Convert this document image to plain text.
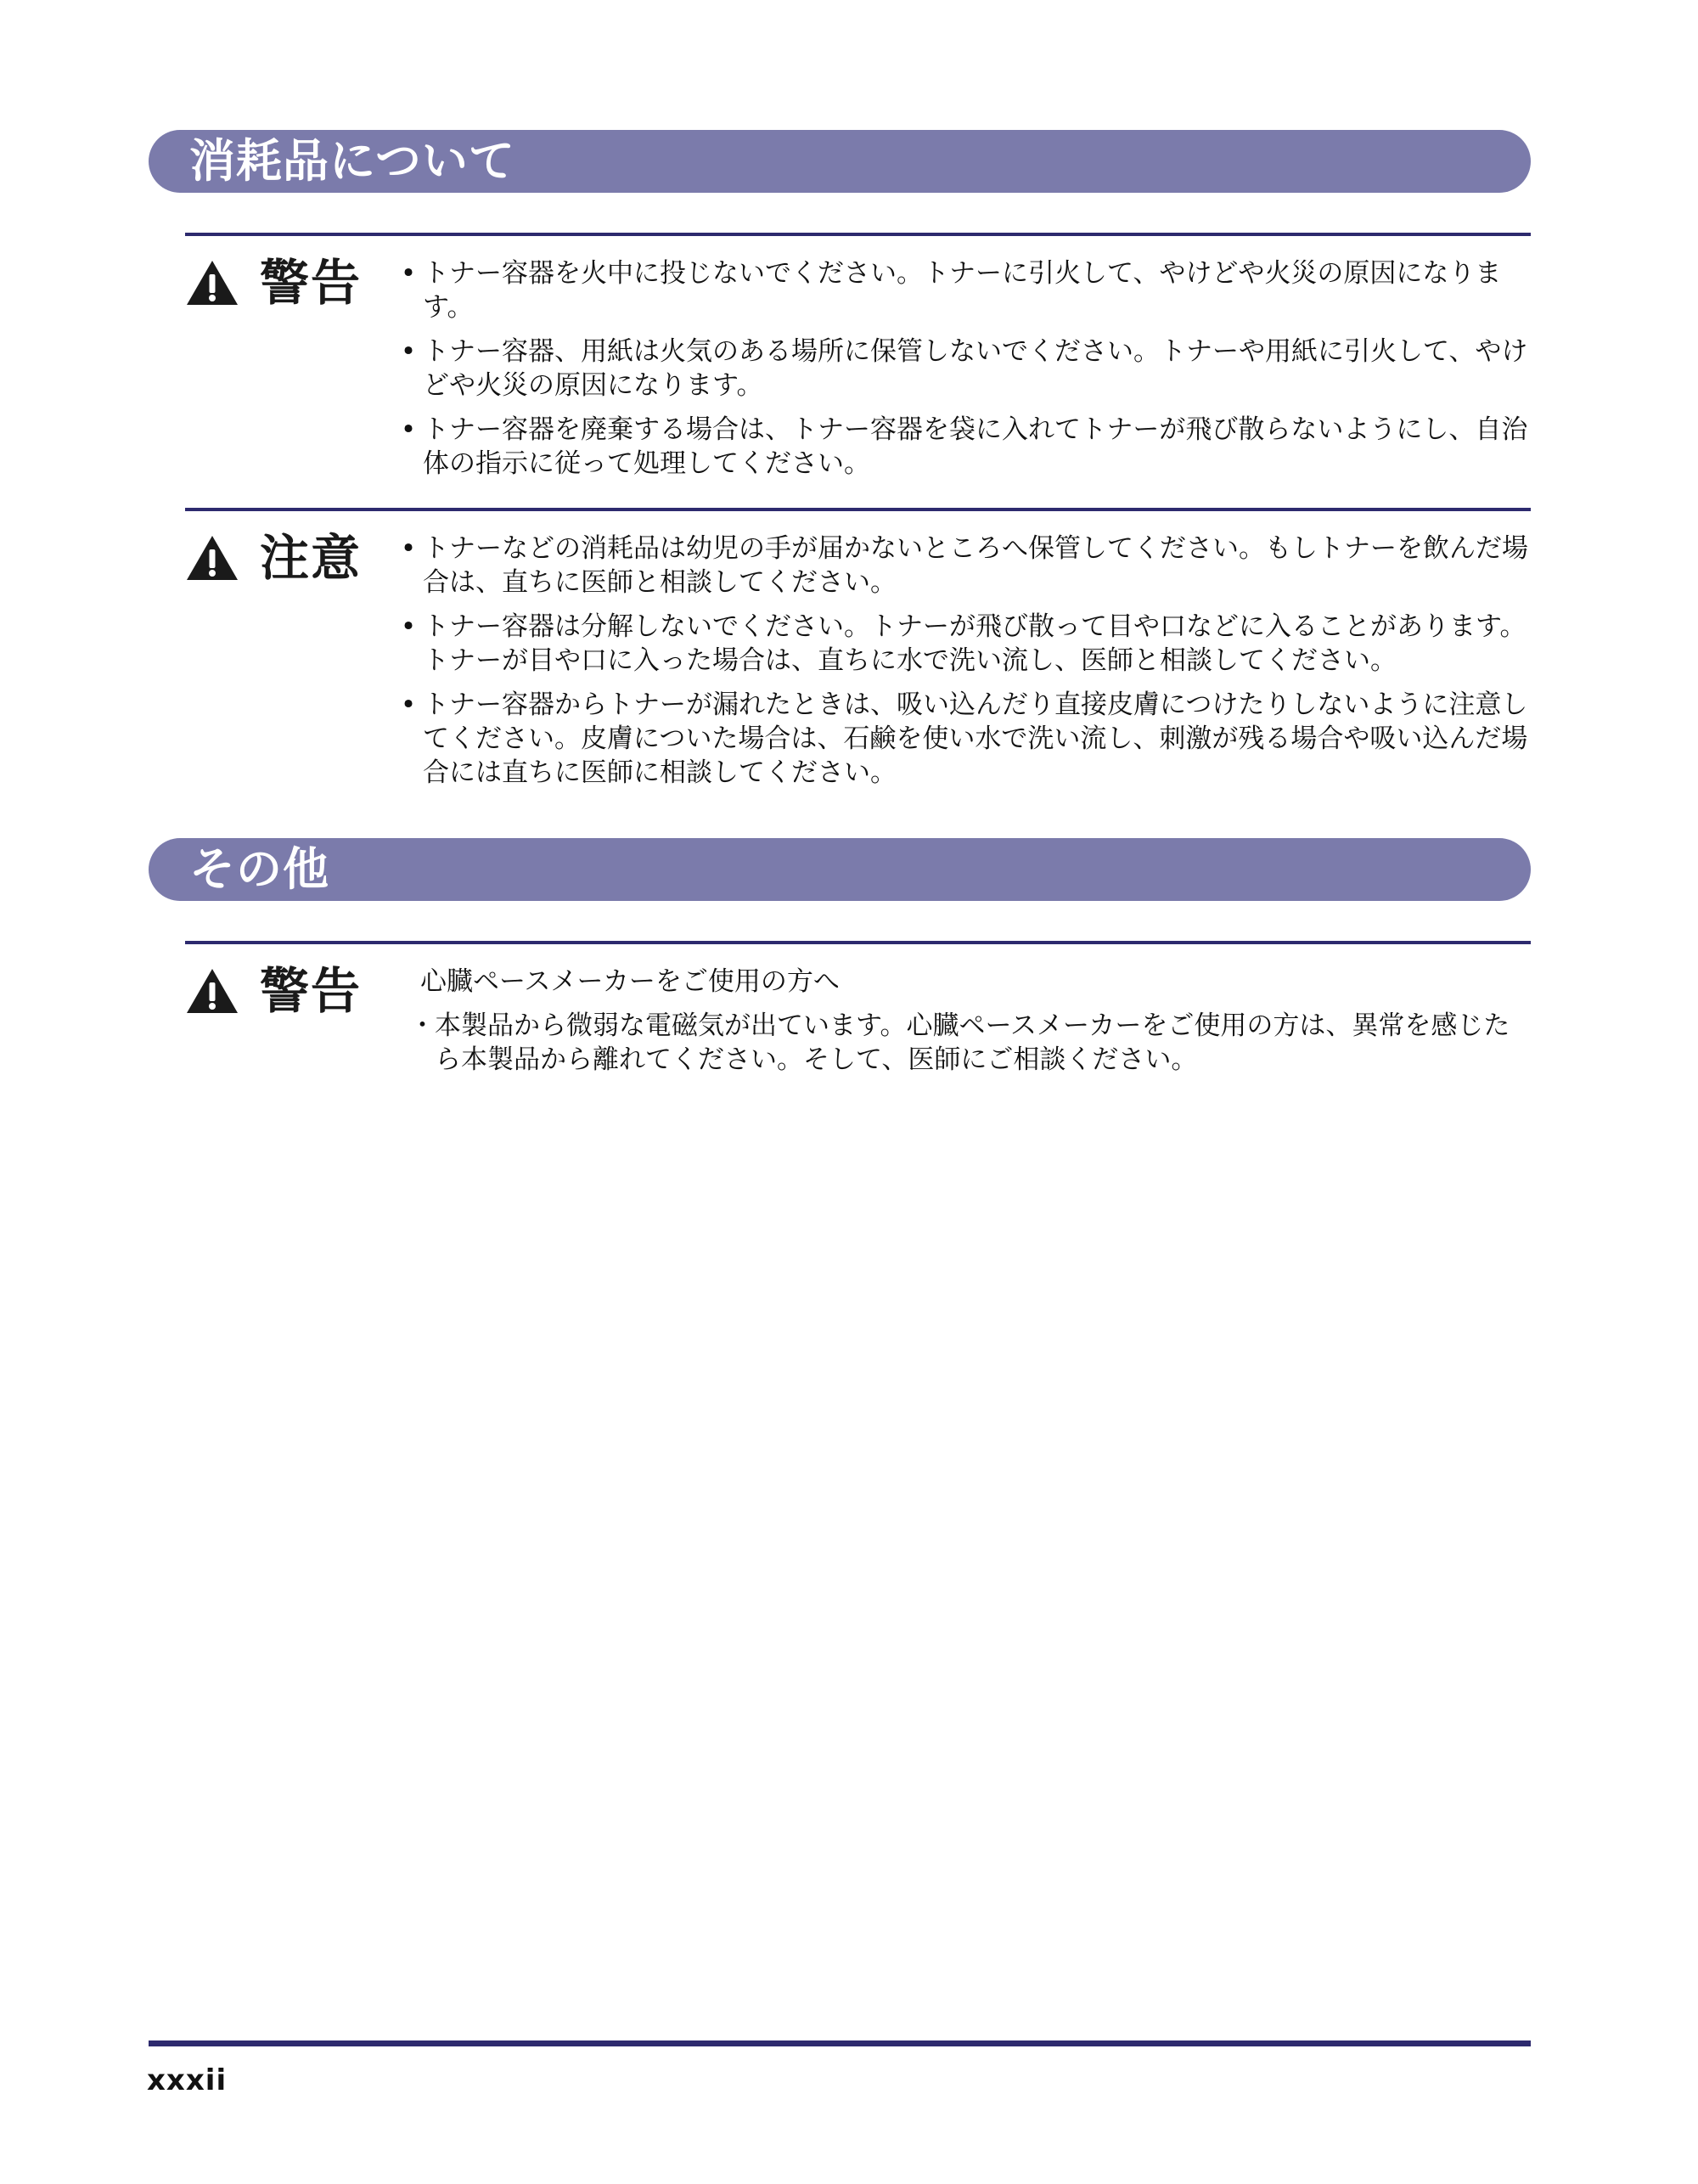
消耗品について
警告 • トナー容器を火中に投じないでください。トナーに引火して、やけどや火災の原因になります。
• トナー容器、用紙は火気のある場所に保管しないでください。トナーや用紙に引火して、やけどや火災の原因になります。
• トナー容器を廃棄する場合は、トナー容器を袋に入れてトナーが飛び散らないようにし、自治体の指示に従って処理してください。
注意 • トナーなどの消耗品は幼児の手が届かないところへ保管してください。もしトナーを飲んだ場合は、直ちに医師と相談してください。
• トナー容器は分解しないでください。トナーが飛び散って目や口などに入ることがあります。トナーが目や口に入った場合は、直ちに水で洗い流し、医師と相談してください。
• トナー容器からトナーが漏れたときは、吸い込んだり直接皮膚につけたりしないように注意してください。皮膚についた場合は、石鹸を使い水で洗い流し、刺激が残る場合や吸い込んだ場合には直ちに医師に相談してください。
その他
警告 心臓ペースメーカーをご使用の方へ
・ 本製品から微弱な電磁気が出ています。心臓ペースメーカーをご使用の方は、異常を感じたら本製品から離れてください。そして、医師にご相談ください。
xxxii
